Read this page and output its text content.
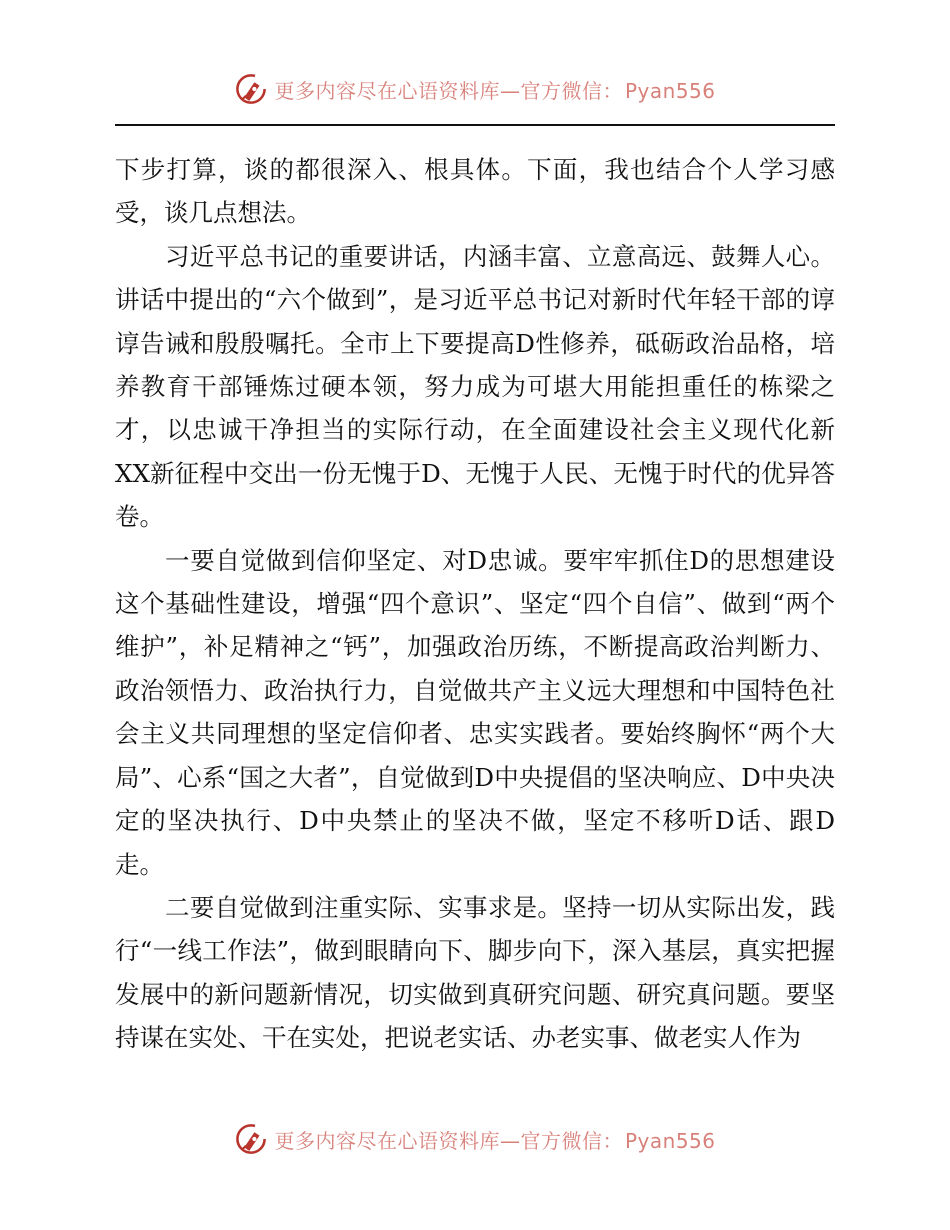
更多内容尽在心语资料库—官方微信： Pyan556

下步打算，谈的都很深入、根具体。下面，我也结合个人学习感受，谈几点想法。

习近平总书记的重要讲话，内涵丰富、立意高远、鼓舞人心。讲话中提出的“六个做到”，是习近平总书记对新时代年轻干部的谆谆告诫和殷殷嘱托。全市上下要提高D性修养，砥砺政治品格，培养教育干部锤炼过硬本领，努力成为可堪大用能担重任的栋梁之才，以忠诚干净担当的实际行动，在全面建设社会主义现代化新XX新征程中交出一份无愧于D、无愧于人民、无愧于时代的优异答卷。

一要自觉做到信仰坚定、对D忠诚。要牢牢抓住D的思想建设这个基础性建设，增强“四个意识”、坚定“四个自信”、做到“两个维护”，补足精神之“钙”，加强政治历练，不断提高政治判断力、政治领悟力、政治执行力，自觉做共产主义远大理想和中国特色社会主义共同理想的坚定信仰者、忠实实践者。要始终胸怀“两个大局”、心系“国之大者”，自觉做到D中央提倡的坚决响应、D中央决定的坚决执行、D中央禁止的坚决不做，坚定不移听D话、跟D走。

二要自觉做到注重实际、实事求是。坚持一切从实际出发，践行“一线工作法”，做到眼睛向下、脚步向下，深入基层，真实把握发展中的新问题新情况，切实做到真研究问题、研究真问题。要坚持谋在实处、干在实处，把说老实话、办老实事、做老实人作为

更多内容尽在心语资料库—官方微信： Pyan556
